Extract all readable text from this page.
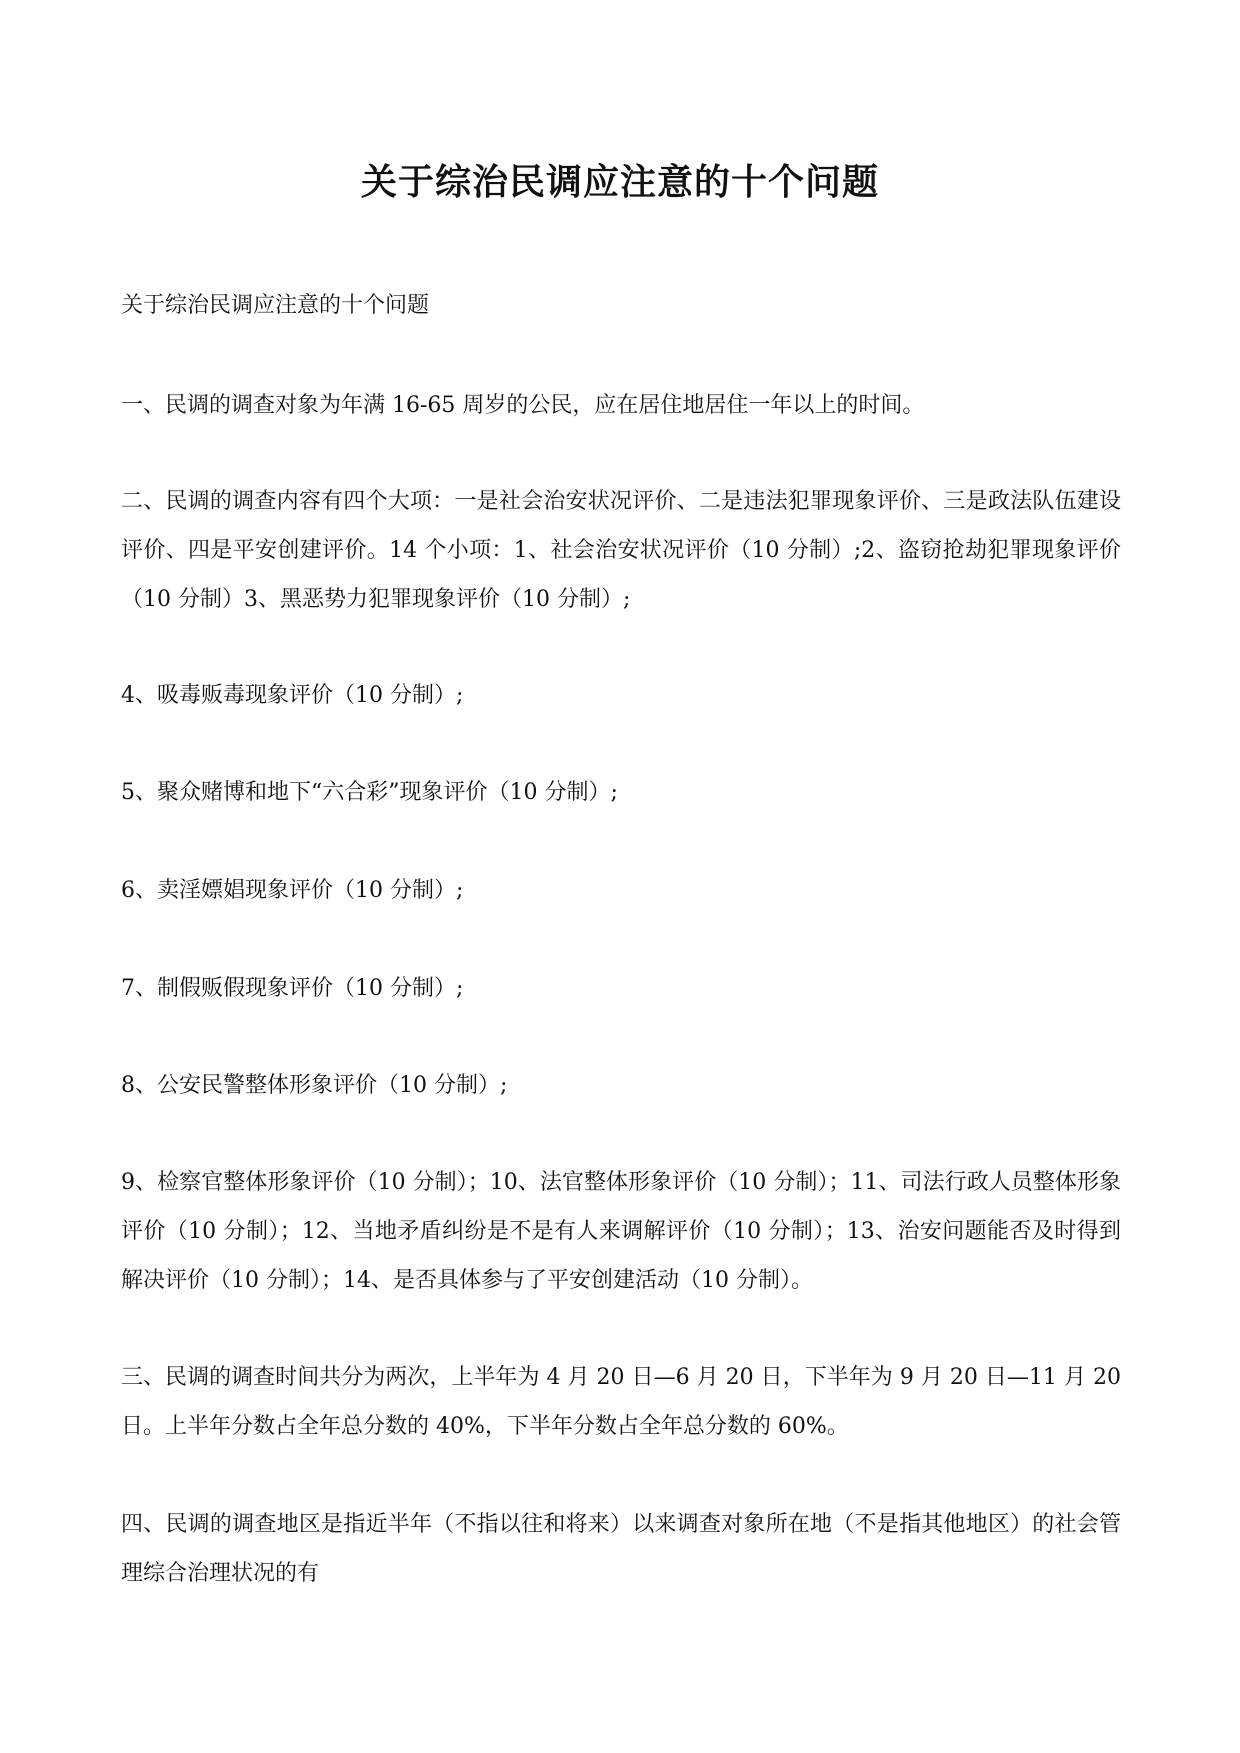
关于综治民调应注意的十个问题

关于综治民调应注意的十个问题

一、民调的调查对象为年满 16-65 周岁的公民，应在居住地居住一年以上的时间。

二、民调的调查内容有四个大项：一是社会治安状况评价、二是违法犯罪现象评价、三是政法队伍建设评价、四是平安创建评价。14 个小项：1、社会治安状况评价（10 分制）;2、盗窃抢劫犯罪现象评价（10 分制）3、黑恶势力犯罪现象评价（10 分制）;

4、吸毒贩毒现象评价（10 分制）;

5、聚众赌博和地下“六合彩”现象评价（10 分制）;

6、卖淫嫖娼现象评价（10 分制）;

7、制假贩假现象评价（10 分制）;

8、公安民警整体形象评价（10 分制）;

9、检察官整体形象评价（10 分制）；10、法官整体形象评价（10 分制）；11、司法行政人员整体形象评价（10 分制）；12、当地矛盾纠纷是不是有人来调解评价（10 分制）；13、治安问题能否及时得到解决评价（10 分制）；14、是否具体参与了平安创建活动（10 分制）。

三、民调的调查时间共分为两次，上半年为 4 月 20 日—6 月 20 日，下半年为 9 月 20 日—11 月 20 日。上半年分数占全年总分数的 40%，下半年分数占全年总分数的 60%。

四、民调的调查地区是指近半年（不指以往和将来）以来调查对象所在地（不是指其他地区）的社会管理综合治理状况的有
